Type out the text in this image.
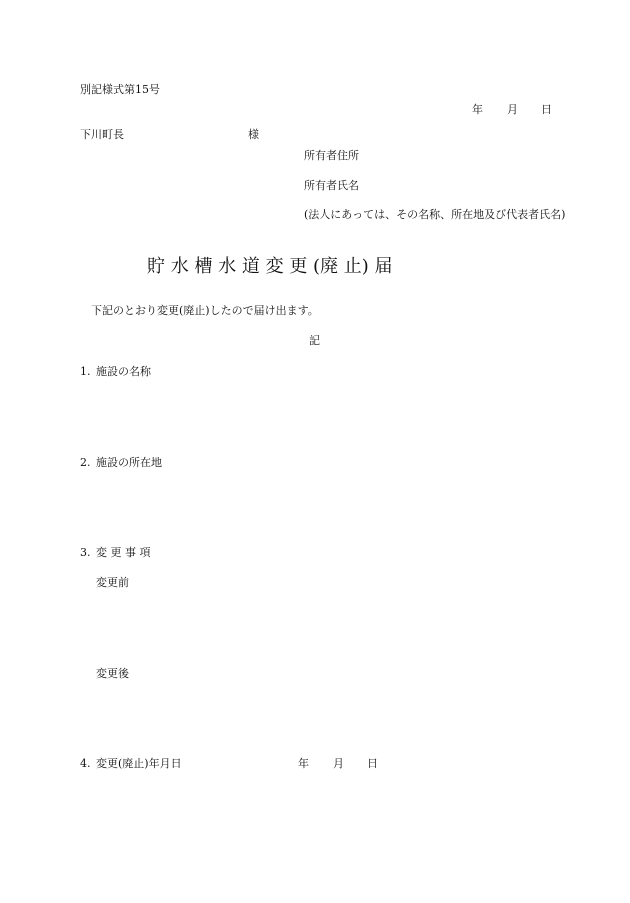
別記様式第15号
年 月 日
下川町長	様
所有者住所
所有者氏名
(法人にあっては、その名称、所在地及び代表者氏名)
貯 水 槽 水 道 変 更 (廃 止) 届
下記のとおり変更(廃止)したので届け出ます。
記
1. 施設の名称
2. 施設の所在地
3. 変 更 事 項
変更前
変更後
4. 変更(廃止)年月日	年 月 日
